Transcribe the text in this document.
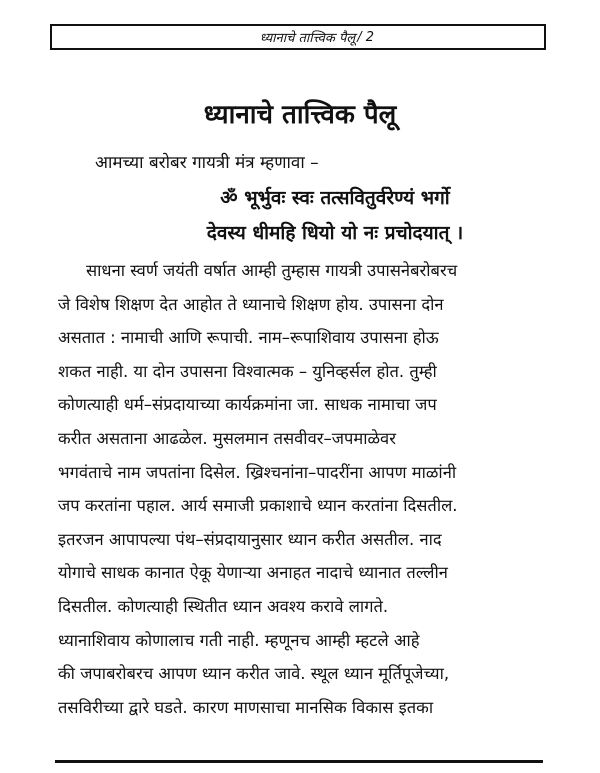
ध्यानाचे तात्त्विक पैलू / 2
ध्यानाचे तात्त्विक पैलू
आमच्या बरोबर गायत्री मंत्र म्हणावा –
ॐ भूर्भुवः स्वः तत्सवितुर्वरेण्यं भर्गो
देवस्य धीमहि धियो यो नः प्रचोदयात् ।
साधना स्वर्ण जयंती वर्षात आम्ही तुम्हास गायत्री उपासनेबरोबरच
जे विशेष शिक्षण देत आहोत ते ध्यानाचे शिक्षण होय. उपासना दोन
असतात : नामाची आणि रूपाची. नाम–रूपाशिवाय उपासना होऊ
शकत नाही. या दोन उपासना विश्वात्मक – युनिव्हर्सल होत. तुम्ही
कोणत्याही धर्म–संप्रदायाच्या कार्यक्रमांना जा. साधक नामाचा जप
करीत असताना आढळेल. मुसलमान तसवीवर–जपमाळेवर
भगवंताचे नाम जपतांना दिसेल. ख्रिश्चनांना–पादरींना आपण माळांनी
जप करतांना पहाल. आर्य समाजी प्रकाशाचे ध्यान करतांना दिसतील.
इतरजन आपापल्या पंथ–संप्रदायानुसार ध्यान करीत असतील. नाद
योगाचे साधक कानात ऐकू येणाऱ्या अनाहत नादाचे ध्यानात तल्लीन
दिसतील. कोणत्याही स्थितीत ध्यान अवश्य करावे लागते.
ध्यानाशिवाय कोणालाच गती नाही. म्हणूनच आम्ही म्हटले आहे
की जपाबरोबरच आपण ध्यान करीत जावे. स्थूल ध्यान मूर्तिपूजेच्या,
तसविरीच्या द्वारे घडते. कारण माणसाचा मानसिक विकास इतका
